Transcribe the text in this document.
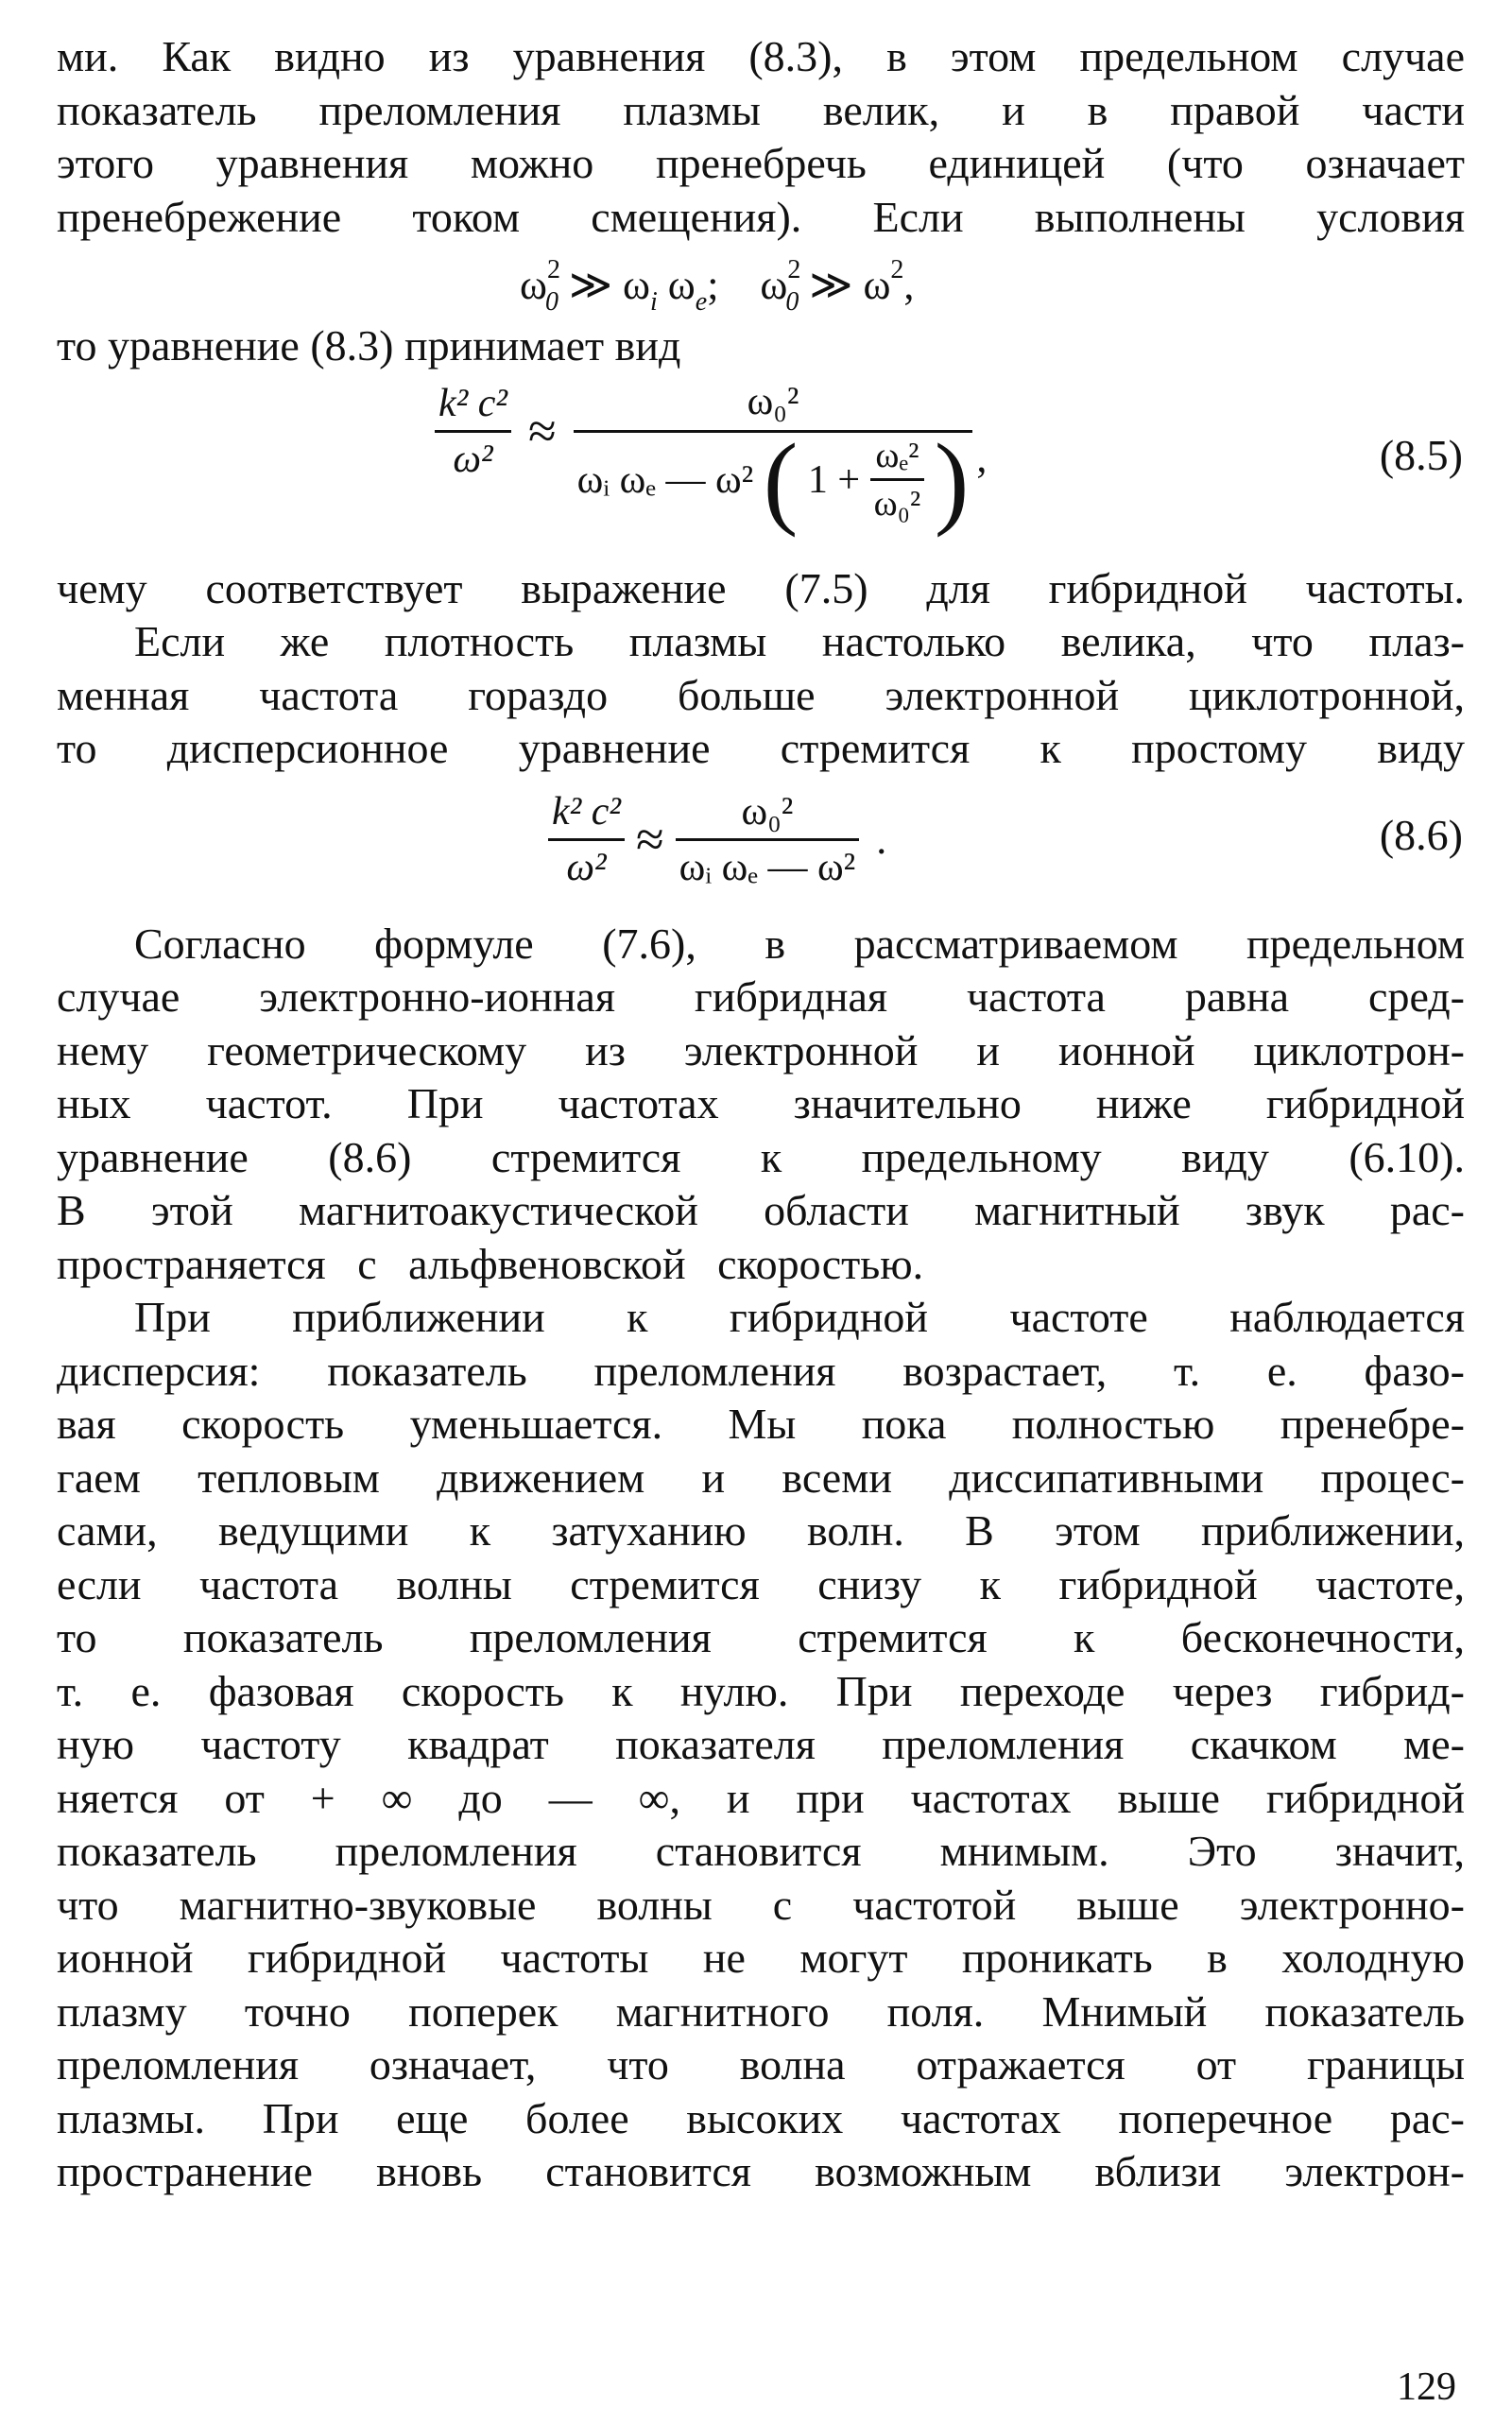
ми. Как видно из уравнения (8.3), в этом предельном случае
показатель преломления плазмы велик, и в правой части
этого уравнения можно пренебречь единицей (что означает
пренебрежение током смещения). Если выполнены условия
$\omega^2_0$ ≫ $\omega_i$ $\omega_e$;    $\omega^2_0$ ≫ $\omega^2$,
то уравнение (8.3) принимает вид
$\frac{\text{k² c²}}{\text{ω²}}$ ≈
ω₀²
ωᵢ ωₑ — ω² ( $1 + \frac{\text{ωₑ²}}{\text{ω₀²}}$ ) ,	(8.5)
чему соответствует выражение (7.5) для гибридной частоты.
Если же плотность плазмы настолько велика, что плаз-
менная частота гораздо больше электронной циклотронной,
то дисперсионное уравнение стремится к простому виду
$\frac{\text{k² c²}}{\text{ω²}} \approx \frac{\text{ω₀²}}{\text{ωᵢ ωₑ — ω²}}$ .	(8.6)
Согласно формуле (7.6), в рассматриваемом предельном
случае электронно-ионная гибридная частота равна сред-
нему геометрическому из электронной и ионной циклотрон-
ных частот. При частотах значительно ниже гибридной
уравнение (8.6) стремится к предельному виду (6.10).
В этой магнитоакустической области магнитный звук рас-
пространяется с альфвеновской скоростью.
При приближении к гибридной частоте наблюдается
дисперсия: показатель преломления возрастает, т. е. фазо-
вая скорость уменьшается. Мы пока полностью пренебре-
гаем тепловым движением и всеми диссипативными процес-
сами, ведущими к затуханию волн. В этом приближении,
если частота волны стремится снизу к гибридной частоте,
то показатель преломления стремится к бесконечности,
т. е. фазовая скорость к нулю. При переходе через гибрид-
ную частоту квадрат показателя преломления скачком ме-
няется от + ∞ до — ∞, и при частотах выше гибридной
показатель преломления становится мнимым. Это значит,
что магнитно-звуковые волны с частотой выше электронно-
ионной гибридной частоты не могут проникать в холодную
плазму точно поперек магнитного поля. Мнимый показатель
преломления означает, что волна отражается от границы
плазмы. При еще более высоких частотах поперечное рас-
пространение вновь становится возможным вблизи электрон-
129
